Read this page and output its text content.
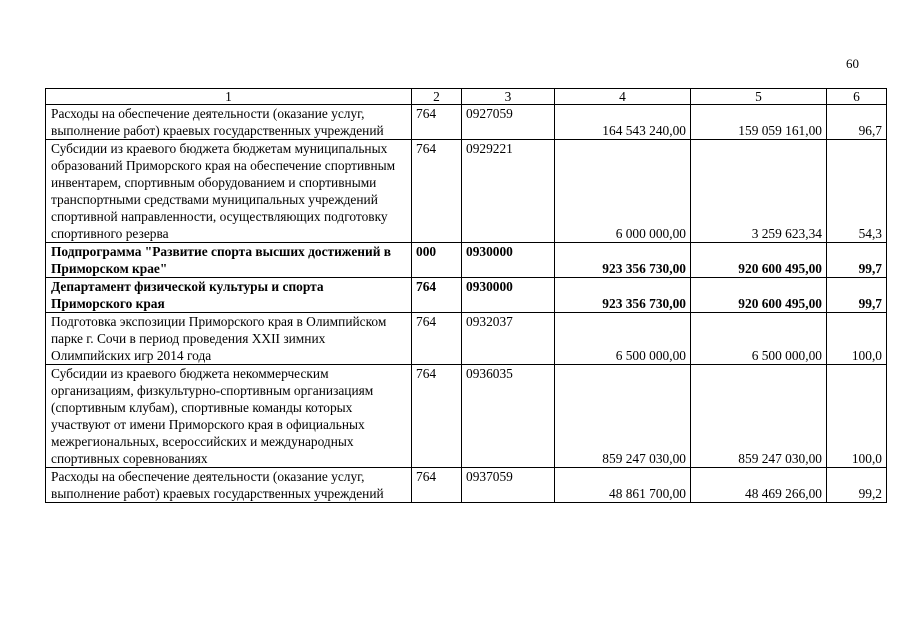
60
1	2	3	4	5	6
Расходы на обеспечение деятельности (оказание услуг, выполнение работ) краевых государственных учреждений	764	0927059	164 543 240,00	159 059 161,00	96,7
Субсидии из краевого бюджета бюджетам муниципальных образований Приморского края на обеспечение спортивным инвентарем, спортивным оборудованием и спортивными транспортными средствами муниципальных учреждений спортивной направленности, осуществляющих подготовку спортивного резерва	764	0929221	6 000 000,00	3 259 623,34	54,3
Подпрограмма "Развитие спорта высших достижений в Приморском крае"	000	0930000	923 356 730,00	920 600 495,00	99,7
Департамент физической культуры и спорта Приморского края	764	0930000	923 356 730,00	920 600 495,00	99,7
Подготовка экспозиции Приморского края в Олимпийском парке г. Сочи в период проведения XXII зимних Олимпийских игр 2014 года	764	0932037	6 500 000,00	6 500 000,00	100,0
Субсидии из краевого бюджета некоммерческим организациям, физкультурно-спортивным организациям (спортивным клубам), спортивные команды которых участвуют от имени Приморского края в официальных межрегиональных, всероссийских и международных спортивных соревнованиях	764	0936035	859 247 030,00	859 247 030,00	100,0
Расходы на обеспечение деятельности (оказание услуг, выполнение работ) краевых государственных учреждений	764	0937059	48 861 700,00	48 469 266,00	99,2
